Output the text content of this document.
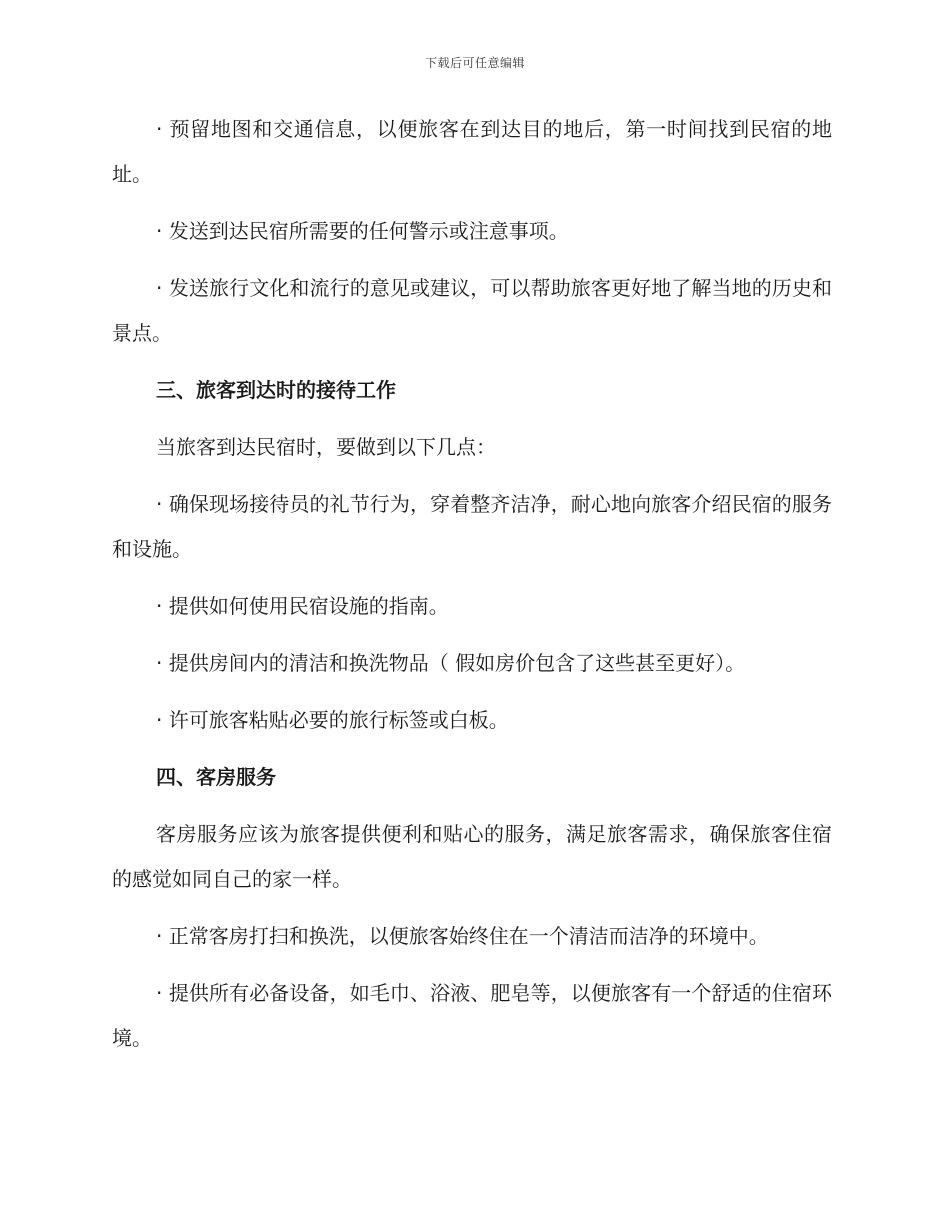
下载后可任意编辑

· 预留地图和交通信息，以便旅客在到达目的地后，第一时间找到民宿的地址。

· 发送到达民宿所需要的任何警示或注意事项。

· 发送旅行文化和流行的意见或建议，可以帮助旅客更好地了解当地的历史和景点。

三、旅客到达时的接待工作

当旅客到达民宿时，要做到以下几点：

· 确保现场接待员的礼节行为，穿着整齐洁净，耐心地向旅客介绍民宿的服务和设施。

· 提供如何使用民宿设施的指南。

· 提供房间内的清洁和换洗物品（ 假如房价包含了这些甚至更好）。

· 许可旅客粘贴必要的旅行标签或白板。

四、客房服务

客房服务应该为旅客提供便利和贴心的服务，满足旅客需求，确保旅客住宿的感觉如同自己的家一样。

· 正常客房打扫和换洗，以便旅客始终住在一个清洁而洁净的环境中。

· 提供所有必备设备，如毛巾、浴液、肥皂等，以便旅客有一个舒适的住宿环境。
